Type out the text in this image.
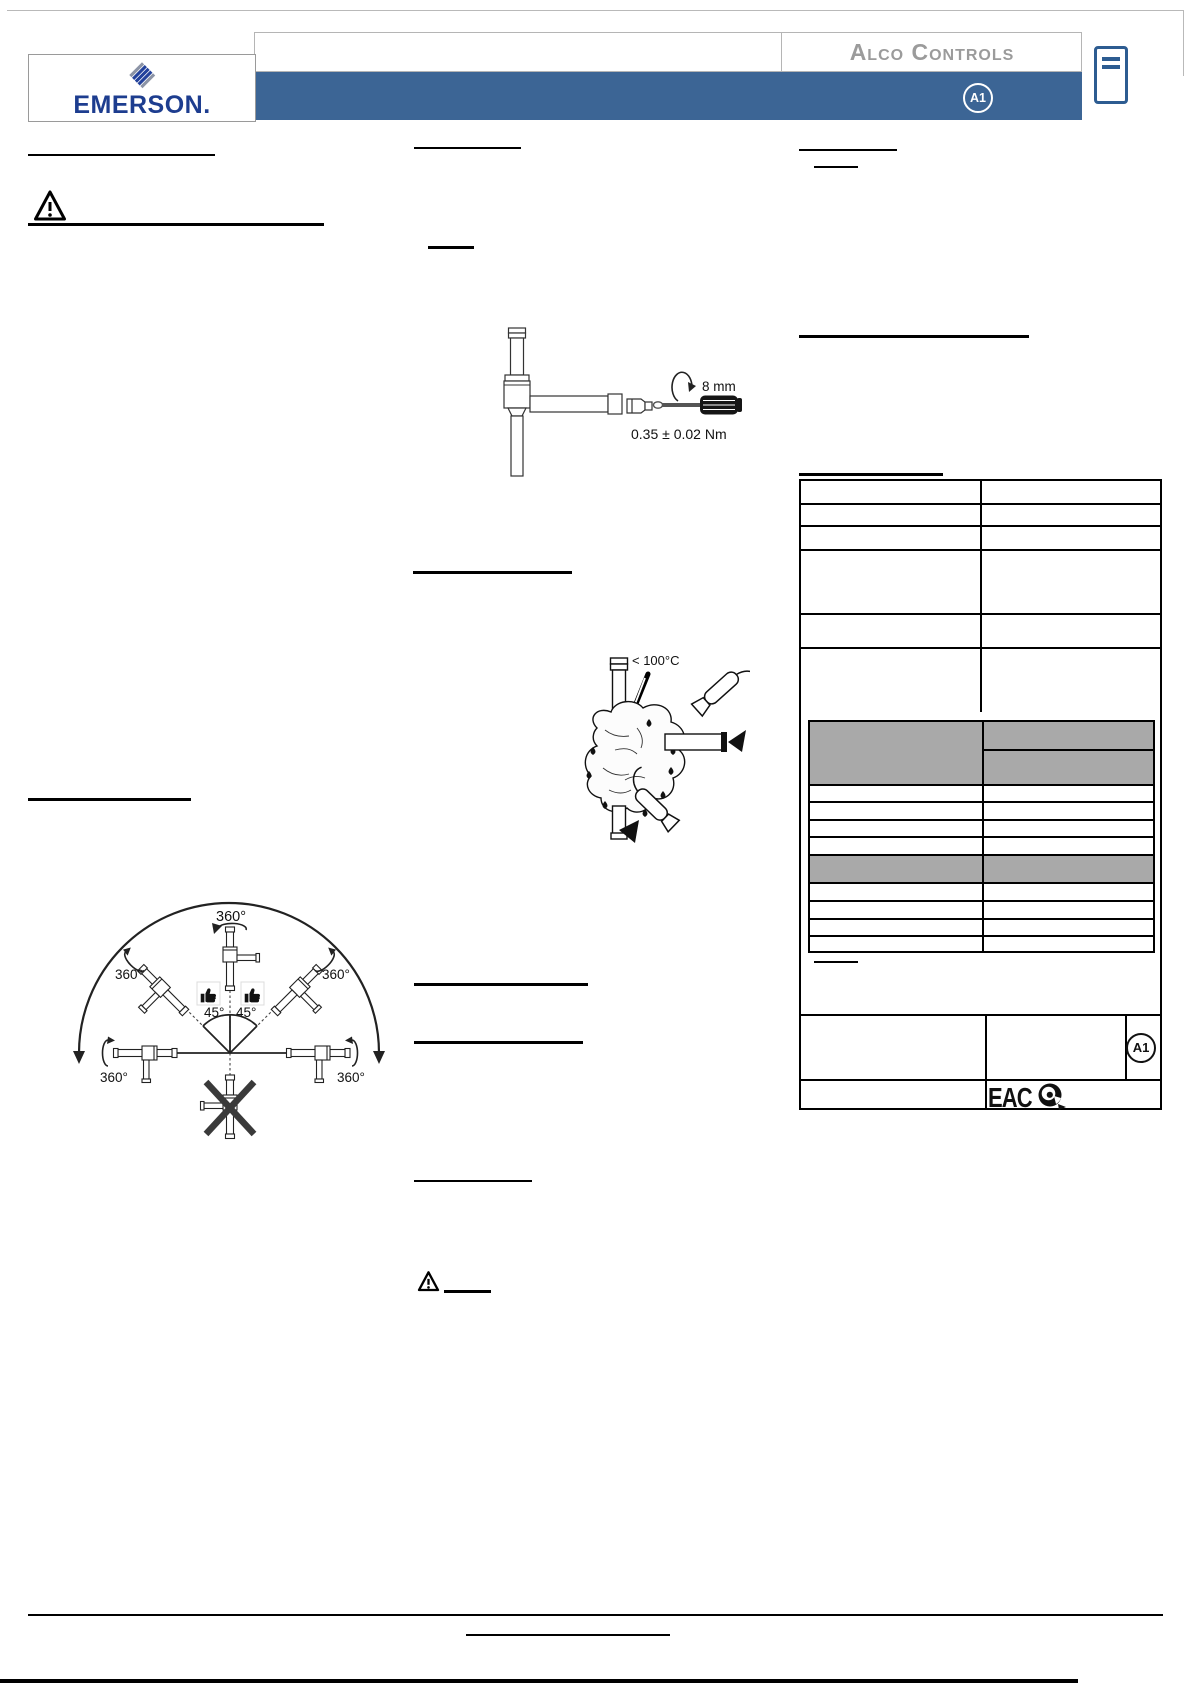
EMERSON.
Alco Controls
A1
360°
360°	360°
360°	360°
45° 45°
8 mm
0.35 ± 0.02 Nm
< 100°C
A1
EAC
